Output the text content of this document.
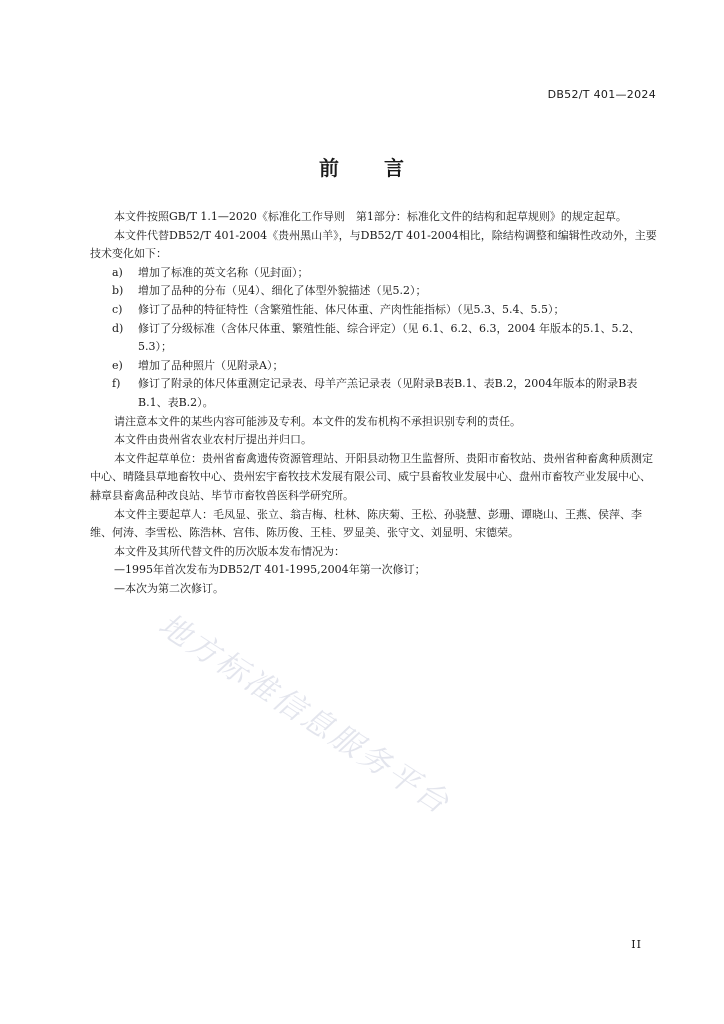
DB52/T 401—2024
前 言

本文件按照GB/T 1.1—2020《标准化工作导则　第1部分：标准化文件的结构和起草规则》的规定起草。

本文件代替DB52/T 401-2004《贵州黑山羊》，与DB52/T 401-2004相比，除结构调整和编辑性改动外，主要技术变化如下：

a) 增加了标准的英文名称（见封面）；

b) 增加了品种的分布（见4）、细化了体型外貌描述（见5.2）；

c) 修订了品种的特征特性（含繁殖性能、体尺体重、产肉性能指标）（见5.3、5.4、5.5）；

d) 修订了分级标准（含体尺体重、繁殖性能、综合评定）（见 6.1、6.2、6.3，2004 年版本的5.1、5.2、5.3）；

e) 增加了品种照片（见附录A）；

f) 修订了附录的体尺体重测定记录表、母羊产羔记录表（见附录B表B.1、表B.2，2004年版本的附录B表B.1、表B.2）。

请注意本文件的某些内容可能涉及专利。本文件的发布机构不承担识别专利的责任。

本文件由贵州省农业农村厅提出并归口。

本文件起草单位：贵州省畜禽遗传资源管理站、开阳县动物卫生监督所、贵阳市畜牧站、贵州省种畜禽种质测定中心、晴隆县草地畜牧中心、贵州宏宇畜牧技术发展有限公司、威宁县畜牧业发展中心、盘州市畜牧产业发展中心、赫章县畜禽品种改良站、毕节市畜牧兽医科学研究所。

本文件主要起草人：毛凤显、张立、翁吉梅、杜林、陈庆菊、王松、孙骁慧、彭珊、谭晓山、王燕、侯萍、李维、何涛、李雪松、陈浩林、宫伟、陈历俊、王桂、罗显美、张守文、刘显明、宋德荣。

本文件及其所代替文件的历次版本发布情况为：

—1995年首次发布为DB52/T 401-1995,2004年第一次修订；

—本次为第二次修订。

地方标准信息服务平台
II
